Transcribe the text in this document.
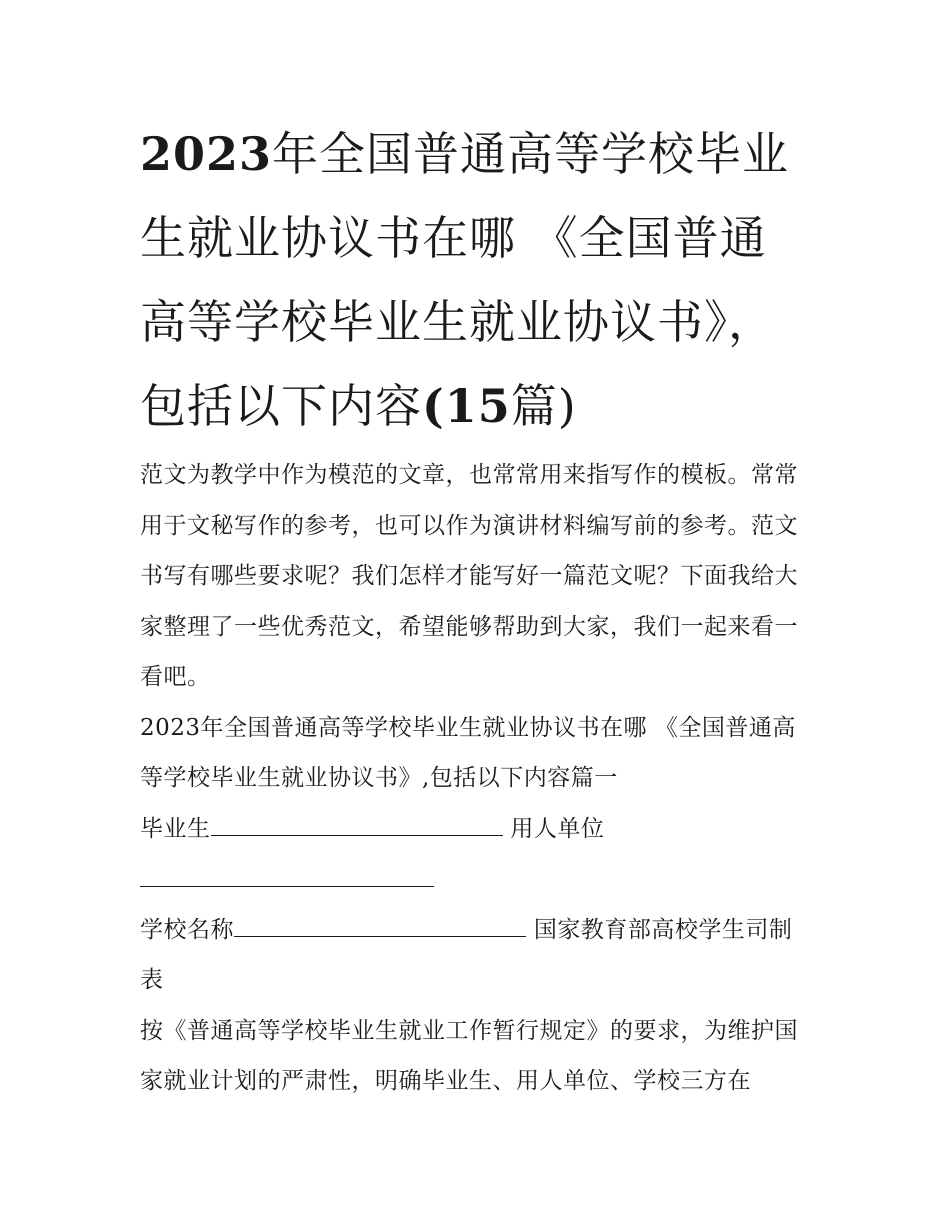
2023年全国普通高等学校毕业生就业协议书在哪 《全国普通高等学校毕业生就业协议书》，包括以下内容(15篇)

范文为教学中作为模范的文章，也常常用来指写作的模板。常常用于文秘写作的参考，也可以作为演讲材料编写前的参考。范文书写有哪些要求呢？我们怎样才能写好一篇范文呢？下面我给大家整理了一些优秀范文，希望能够帮助到大家，我们一起来看一看吧。

2023年全国普通高等学校毕业生就业协议书在哪 《全国普通高等学校毕业生就业协议书》,包括以下内容篇一

毕业生	用人单位

学校名称	国家教育部高校学生司制表

按《普通高等学校毕业生就业工作暂行规定》的要求，为维护国家就业计划的严肃性，明确毕业生、用人单位、学校三方在
